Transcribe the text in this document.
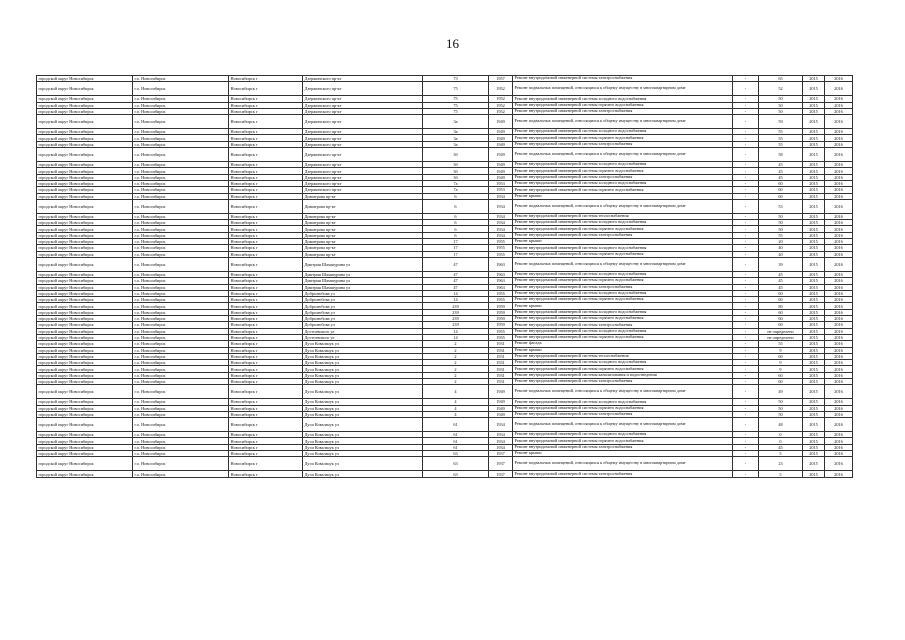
16
городской округ Новосибирск	г.о. Новосибирск	Новосибирск г	Дзержинского пр-кт	73	1957	Ремонт внутридомовой инженерной системы электроснабжения	-	65	2015	2016
городской округ Новосибирск	г.о. Новосибирск	Новосибирск г	Дзержинского пр-кт	75	1952	Ремонт подвальных помещений, относящихся к общему имуществу в многоквартирном доме	-	52	2015	2016
городской округ Новосибирск	г.о. Новосибирск	Новосибирск г	Дзержинского пр-кт	75	1952	Ремонт внутридомовой инженерной системы холодного водоснабжения	-	50	2015	2016
городской округ Новосибирск	г.о. Новосибирск	Новосибирск г	Дзержинского пр-кт	75	1952	Ремонт внутридомовой инженерной системы горячего водоснабжения	-	50	2015	2016
городской округ Новосибирск	г.о. Новосибирск	Новосибирск г	Дзержинского пр-кт	75	1952	Ремонт внутридомовой инженерной системы электроснабжения	-	50	2015	2016
городской округ Новосибирск	г.о. Новосибирск	Новосибирск г	Дзержинского пр-кт	3а	1949	Ремонт подвальных помещений, относящихся к общему имуществу в многоквартирном доме	-	59	2015	2016
городской округ Новосибирск	г.о. Новосибирск	Новосибирск г	Дзержинского пр-кт	3а	1949	Ремонт внутридомовой инженерной системы холодного водоснабжения	-	55	2015	2016
городской округ Новосибирск	г.о. Новосибирск	Новосибирск г	Дзержинского пр-кт	3а	1949	Ремонт внутридомовой инженерной системы горячего водоснабжения	-	55	2015	2016
городской округ Новосибирск	г.о. Новосибирск	Новосибирск г	Дзержинского пр-кт	3а	1949	Ремонт внутридомовой инженерной системы электроснабжения	-	55	2015	2016
городской округ Новосибирск	г.о. Новосибирск	Новосибирск г	Дзержинского пр-кт	3б	1949	Ремонт подвальных помещений, относящихся к общему имуществу в многоквартирном доме	-	58	2015	2016
городской округ Новосибирск	г.о. Новосибирск	Новосибирск г	Дзержинского пр-кт	3б	1949	Ремонт внутридомовой инженерной системы холодного водоснабжения	-	45	2015	2016
городской округ Новосибирск	г.о. Новосибирск	Новосибирск г	Дзержинского пр-кт	3б	1949	Ремонт внутридомовой инженерной системы горячего водоснабжения	-	45	2015	2016
городской округ Новосибирск	г.о. Новосибирск	Новосибирск г	Дзержинского пр-кт	3б	1949	Ремонт внутридомовой инженерной системы электроснабжения	-	45	2015	2016
городской округ Новосибирск	г.о. Новосибирск	Новосибирск г	Дзержинского пр-кт	7а	1953	Ремонт внутридомовой инженерной системы холодного водоснабжения	-	60	2015	2016
городской округ Новосибирск	г.о. Новосибирск	Новосибирск г	Дзержинского пр-кт	7а	1953	Ремонт внутридомовой инженерной системы горячего водоснабжения	-	60	2015	2016
городской округ Новосибирск	г.о. Новосибирск	Новосибирск г	Димитрова пр-кт	6	1934	Ремонт крыши	-	60	2015	2016
городской округ Новосибирск	г.о. Новосибирск	Новосибирск г	Димитрова пр-кт	6	1934	Ремонт подвальных помещений, относящихся к общему имуществу в многоквартирном доме	-	53	2015	2016
городской округ Новосибирск	г.о. Новосибирск	Новосибирск г	Димитрова пр-кт	6	1934	Ремонт внутридомовой инженерной системы теплоснабжения	-	50	2015	2016
городской округ Новосибирск	г.о. Новосибирск	Новосибирск г	Димитрова пр-кт	6	1934	Ремонт внутридомовой инженерной системы холодного водоснабжения	-	50	2015	2016
городской округ Новосибирск	г.о. Новосибирск	Новосибирск г	Димитрова пр-кт	6	1934	Ремонт внутридомовой инженерной системы горячего водоснабжения	-	50	2015	2016
городской округ Новосибирск	г.о. Новосибирск	Новосибирск г	Димитрова пр-кт	6	1934	Ремонт внутридомовой инженерной системы электроснабжения	-	55	2015	2016
городской округ Новосибирск	г.о. Новосибирск	Новосибирск г	Димитрова пр-кт	17	1955	Ремонт крыши	-	20	2015	2016
городской округ Новосибирск	г.о. Новосибирск	Новосибирск г	Димитрова пр-кт	17	1955	Ремонт внутридомовой инженерной системы холодного водоснабжения	-	40	2015	2016
городской округ Новосибирск	г.о. Новосибирск	Новосибирск г	Димитрова пр-кт	17	1955	Ремонт внутридомовой инженерной системы горячего водоснабжения	-	40	2015	2016
городской округ Новосибирск	г.о. Новосибирск	Новосибирск г	Дмитрия Шамшурина ул	47	1963	Ремонт подвальных помещений, относящихся к общему имуществу в многоквартирном доме	-	39	2015	2016
городской округ Новосибирск	г.о. Новосибирск	Новосибирск г	Дмитрия Шамшурина ул	47	1963	Ремонт внутридомовой инженерной системы холодного водоснабжения	-	45	2015	2016
городской округ Новосибирск	г.о. Новосибирск	Новосибирск г	Дмитрия Шамшурина ул	47	1963	Ремонт внутридомовой инженерной системы горячего водоснабжения	-	45	2015	2016
городской округ Новосибирск	г.о. Новосибирск	Новосибирск г	Дмитрия Шамшурина ул	47	1963	Ремонт внутридомовой инженерной системы электроснабжения	-	45	2015	2016
городской округ Новосибирск	г.о. Новосибирск	Новосибирск г	Добролюбова ул	14	1955	Ремонт внутридомовой инженерной системы холодного водоснабжения	-	60	2015	2016
городской округ Новосибирск	г.о. Новосибирск	Новосибирск г	Добролюбова ул	14	1955	Ремонт внутридомовой инженерной системы горячего водоснабжения	-	60	2015	2016
городской округ Новосибирск	г.о. Новосибирск	Новосибирск г	Добролюбова ул	239	1959	Ремонт крыши	-	80	2015	2016
городской округ Новосибирск	г.о. Новосибирск	Новосибирск г	Добролюбова ул	239	1959	Ремонт внутридомовой инженерной системы холодного водоснабжения	-	60	2015	2016
городской округ Новосибирск	г.о. Новосибирск	Новосибирск г	Добролюбова ул	239	1959	Ремонт внутридомовой инженерной системы горячего водоснабжения	-	60	2015	2016
городской округ Новосибирск	г.о. Новосибирск	Новосибирск г	Добролюбова ул	239	1959	Ремонт внутридомовой инженерной системы электроснабжения	-	60	2015	2016
городской округ Новосибирск	г.о. Новосибирск	Новосибирск г	Достоевского ул	14	1955	Ремонт внутридомовой инженерной системы холодного водоснабжения	-	не определено	2015	2016
городской округ Новосибирск	г.о. Новосибирск	Новосибирск г	Достоевского ул	14	1955	Ремонт внутридомовой инженерной системы горячего водоснабжения	-	не определено	2015	2016
городской округ Новосибирск	г.о. Новосибирск	Новосибирск г	Дуси Ковальчук ул	2	1931	Ремонт фасада	-	55	2015	2016
городской округ Новосибирск	г.о. Новосибирск	Новосибирск г	Дуси Ковальчук ул	2	1931	Ремонт крыши	-	9	2015	2016
городской округ Новосибирск	г.о. Новосибирск	Новосибирск г	Дуси Ковальчук ул	2	1931	Ремонт внутридомовой инженерной системы теплоснабжения	-	60	2015	2016
городской округ Новосибирск	г.о. Новосибирск	Новосибирск г	Дуси Ковальчук ул	2	1931	Ремонт внутридомовой инженерной системы холодного водоснабжения	-	9	2015	2016
городской округ Новосибирск	г.о. Новосибирск	Новосибирск г	Дуси Ковальчук ул	2	1931	Ремонт внутридомовой инженерной системы горячего водоснабжения	-	9	2015	2016
городской округ Новосибирск	г.о. Новосибирск	Новосибирск г	Дуси Ковальчук ул	2	1931	Ремонт внутридомовой инженерной системы канализования и водоотведения	-	60	2015	2016
городской округ Новосибирск	г.о. Новосибирск	Новосибирск г	Дуси Ковальчук ул	2	1931	Ремонт внутридомовой инженерной системы электроснабжения	-	60	2015	2016
городской округ Новосибирск	г.о. Новосибирск	Новосибирск г	Дуси Ковальчук ул	4	1949	Ремонт подвальных помещений, относящихся к общему имуществу в многоквартирном доме	-	49	2015	2016
городской округ Новосибирск	г.о. Новосибирск	Новосибирск г	Дуси Ковальчук ул	4	1949	Ремонт внутридомовой инженерной системы холодного водоснабжения	-	50	2015	2016
городской округ Новосибирск	г.о. Новосибирск	Новосибирск г	Дуси Ковальчук ул	4	1949	Ремонт внутридомовой инженерной системы горячего водоснабжения	-	50	2015	2016
городской округ Новосибирск	г.о. Новосибирск	Новосибирск г	Дуси Ковальчук ул	4	1949	Ремонт внутридомовой инженерной системы электроснабжения	-	50	2015	2016
городской округ Новосибирск	г.о. Новосибирск	Новосибирск г	Дуси Ковальчук ул	61	1934	Ремонт подвальных помещений, относящихся к общему имуществу в многоквартирном доме	-	48	2015	2016
городской округ Новосибирск	г.о. Новосибирск	Новосибирск г	Дуси Ковальчук ул	61	1934	Ремонт внутридомовой инженерной системы холодного водоснабжения	-	0	2015	2016
городской округ Новосибирск	г.о. Новосибирск	Новосибирск г	Дуси Ковальчук ул	61	1934	Ремонт внутридомовой инженерной системы горячего водоснабжения	-	0	2015	2016
городской округ Новосибирск	г.о. Новосибирск	Новосибирск г	Дуси Ковальчук ул	61	1934	Ремонт внутридомовой инженерной системы электроснабжения	-	45	2015	2016
городской округ Новосибирск	г.о. Новосибирск	Новосибирск г	Дуси Ковальчук ул	63	1937	Ремонт крыши	-	5	2015	2016
городской округ Новосибирск	г.о. Новосибирск	Новосибирск г	Дуси Ковальчук ул	63	1937	Ремонт подвальных помещений, относящихся к общему имуществу в многоквартирном доме	-	23	2015	2016
городской округ Новосибирск	г.о. Новосибирск	Новосибирск г	Дуси Ковальчук ул	63	1937	Ремонт внутридомовой инженерной системы электроснабжения	-	5	2015	2016
